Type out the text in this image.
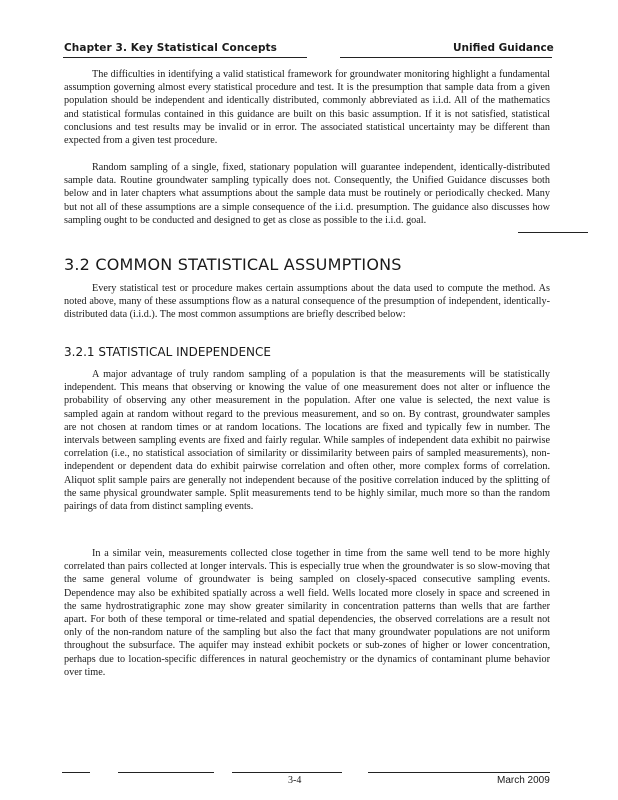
Chapter 3. Key Statistical Concepts	Unified Guidance

The difficulties in identifying a valid statistical framework for groundwater monitoring highlight a fundamental assumption governing almost every statistical procedure and test. It is the presumption that sample data from a given population should be independent and identically distributed, commonly abbreviated as i.i.d. All of the mathematics and statistical formulas contained in this guidance are built on this basic assumption. If it is not satisfied, statistical conclusions and test results may be invalid or in error. The associated statistical uncertainty may be different than expected from a given test procedure.

Random sampling of a single, fixed, stationary population will guarantee independent, identically-distributed sample data. Routine groundwater sampling typically does not. Consequently, the Unified Guidance discusses both below and in later chapters what assumptions about the sample data must be routinely or periodically checked. Many but not all of these assumptions are a simple consequence of the i.i.d. presumption. The guidance also discusses how sampling ought to be conducted and designed to get as close as possible to the i.i.d. goal.

3.2 COMMON STATISTICAL ASSUMPTIONS

Every statistical test or procedure makes certain assumptions about the data used to compute the method. As noted above, many of these assumptions flow as a natural consequence of the presumption of independent, identically-distributed data (i.i.d.). The most common assumptions are briefly described below:

3.2.1 STATISTICAL INDEPENDENCE

A major advantage of truly random sampling of a population is that the measurements will be statistically independent. This means that observing or knowing the value of one measurement does not alter or influence the probability of observing any other measurement in the population. After one value is selected, the next value is sampled again at random without regard to the previous measurement, and so on. By contrast, groundwater samples are not chosen at random times or at random locations. The locations are fixed and typically few in number. The intervals between sampling events are fixed and fairly regular. While samples of independent data exhibit no pairwise correlation (i.e., no statistical association of similarity or dissimilarity between pairs of sampled measurements), non-independent or dependent data do exhibit pairwise correlation and often other, more complex forms of correlation. Aliquot split sample pairs are generally not independent because of the positive correlation induced by the splitting of the same physical groundwater sample. Split measurements tend to be highly similar, much more so than the random pairings of data from distinct sampling events.

In a similar vein, measurements collected close together in time from the same well tend to be more highly correlated than pairs collected at longer intervals. This is especially true when the groundwater is so slow-moving that the same general volume of groundwater is being sampled on closely-spaced consecutive sampling events. Dependence may also be exhibited spatially across a well field. Wells located more closely in space and screened in the same hydrostratigraphic zone may show greater similarity in concentration patterns than wells that are farther apart. For both of these temporal or time-related and spatial dependencies, the observed correlations are a result not only of the non-random nature of the sampling but also the fact that many groundwater populations are not uniform throughout the subsurface. The aquifer may instead exhibit pockets or sub-zones of higher or lower concentration, perhaps due to location-specific differences in natural geochemistry or the dynamics of contaminant plume behavior over time.

3-4	March 2009
